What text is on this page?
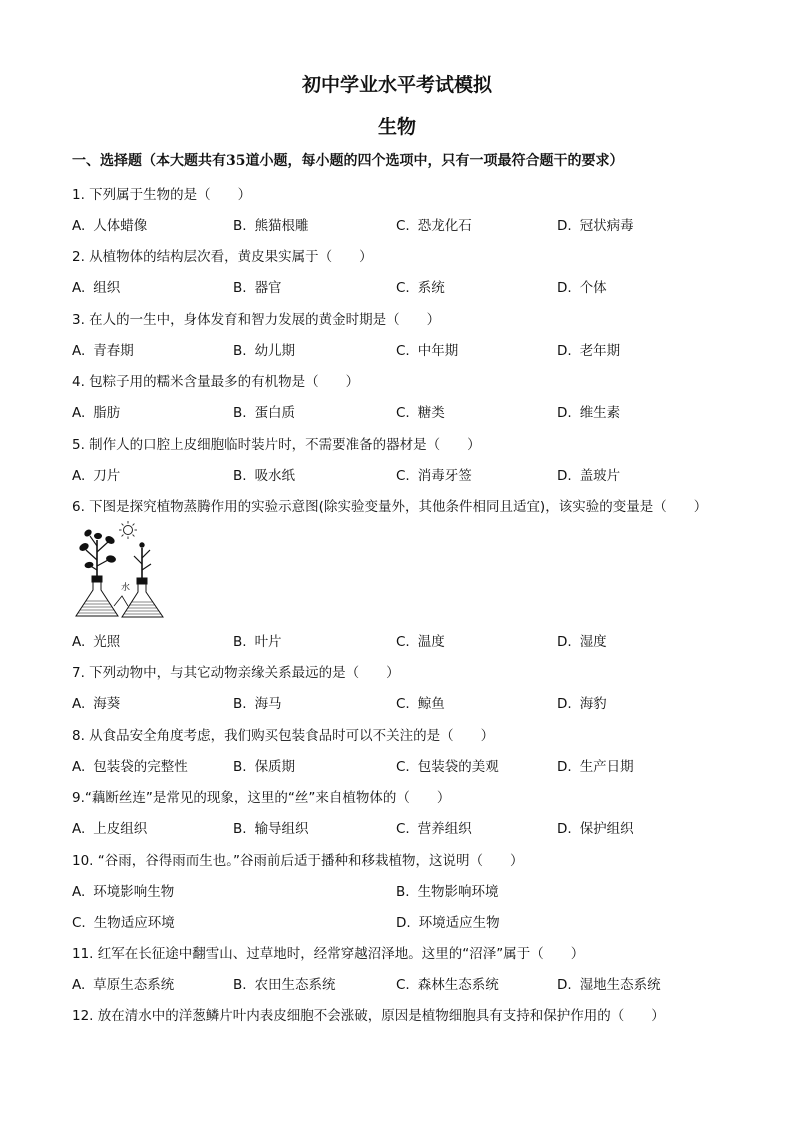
初中学业水平考试模拟
生物
一、选择题（本大题共有35道小题，每小题的四个选项中，只有一项最符合题干的要求）
1. 下列属于生物的是（　　）
A. 人体蜡像	B. 熊猫根雕	C. 恐龙化石	D. 冠状病毒
2. 从植物体的结构层次看，黄皮果实属于（　　）
A. 组织	B. 器官	C. 系统	D. 个体
3. 在人的一生中，身体发育和智力发展的黄金时期是（　　）
A. 青春期	B. 幼儿期	C. 中年期	D. 老年期
4. 包粽子用的糯米含量最多的有机物是（　　）
A. 脂肪	B. 蛋白质	C. 糖类	D. 维生素
5. 制作人的口腔上皮细胞临时装片时，不需要准备的器材是（　　）
A. 刀片	B. 吸水纸	C. 消毒牙签	D. 盖玻片
6. 下图是探究植物蒸腾作用的实验示意图(除实验变量外，其他条件相同且适宜)，该实验的变量是（　　）
水
A. 光照	B. 叶片	C. 温度	D. 湿度
7. 下列动物中，与其它动物亲缘关系最远的是（　　）
A. 海葵	B. 海马	C. 鲸鱼	D. 海豹
8. 从食品安全角度考虑，我们购买包装食品时可以不关注的是（　　）
A. 包装袋的完整性	B. 保质期	C. 包装袋的美观	D. 生产日期
9.“藕断丝连”是常见的现象，这里的“丝”来自植物体的（　　）
A. 上皮组织	B. 输导组织	C. 营养组织	D. 保护组织
10. “谷雨，谷得雨而生也。”谷雨前后适于播种和移栽植物，这说明（　　）
A. 环境影响生物	B. 生物影响环境
C. 生物适应环境	D. 环境适应生物
11. 红军在长征途中翻雪山、过草地时，经常穿越沼泽地。这里的“沼泽”属于（　　）
A. 草原生态系统	B. 农田生态系统	C. 森林生态系统	D. 湿地生态系统
12. 放在清水中的洋葱鳞片叶内表皮细胞不会涨破，原因是植物细胞具有支持和保护作用的（　　）
